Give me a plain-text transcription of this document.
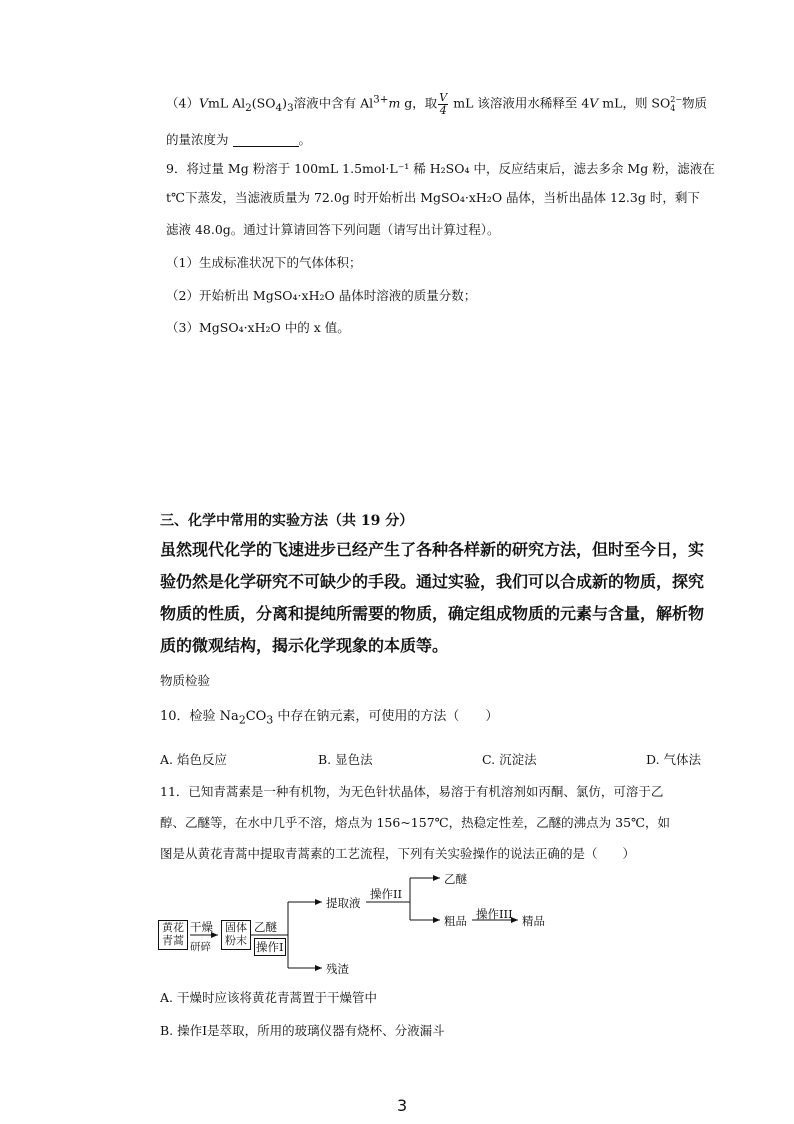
（4）VmL $Al_2(SO_4)_3$溶液中含有 $Al^{3+}m$ g，取 $\frac{V}{4}$ mL 该溶液用水稀释至 4V mL，则 SO 2−
4 物质
的量浓度为	。
9．将过量 Mg 粉溶于 100mL 1.5mol·L⁻¹ 稀 H₂SO₄ 中，反应结束后，滤去多余 Mg 粉，滤液在
t℃下蒸发，当滤液质量为 72.0g 时开始析出 MgSO₄·xH₂O 晶体，当析出晶体 12.3g 时，剩下
滤液 48.0g。通过计算请回答下列问题（请写出计算过程）。
（1）生成标准状况下的气体体积；
（2）开始析出 MgSO₄·xH₂O 晶体时溶液的质量分数；
（3）MgSO₄·xH₂O 中的 x 值。
三、化学中常用的实验方法（共 19 分）
虽然现代化学的飞速进步已经产生了各种各样新的研究方法，但时至今日，实
验仍然是化学研究不可缺少的手段。通过实验，我们可以合成新的物质，探究
物质的性质，分离和提纯所需要的物质，确定组成物质的元素与含量，解析物
质的微观结构，揭示化学现象的本质等。
物质检验
10．检验 $Na_2CO_3$ 中存在钠元素，可使用的方法（　　）
A. 焰色反应	B. 显色法	C. 沉淀法	D. 气体法
11．已知青蒿素是一种有机物，为无色针状晶体，易溶于有机溶剂如丙酮、氯仿，可溶于乙
醇、乙醚等，在水中几乎不溶，熔点为 156~157℃，热稳定性差，乙醚的沸点为 35℃，如
图是从黄花青蒿中提取青蒿素的工艺流程，下列有关实验操作的说法正确的是（　　）
黄花
青蒿
干燥
研碎
固体
粉末
乙醚
操作I
提取液
操作II
乙醚
粗品 操作III 精品
残渣
A. 干燥时应该将黄花青蒿置于干燥管中
B. 操作I是萃取，所用的玻璃仪器有烧杯、分液漏斗
3
